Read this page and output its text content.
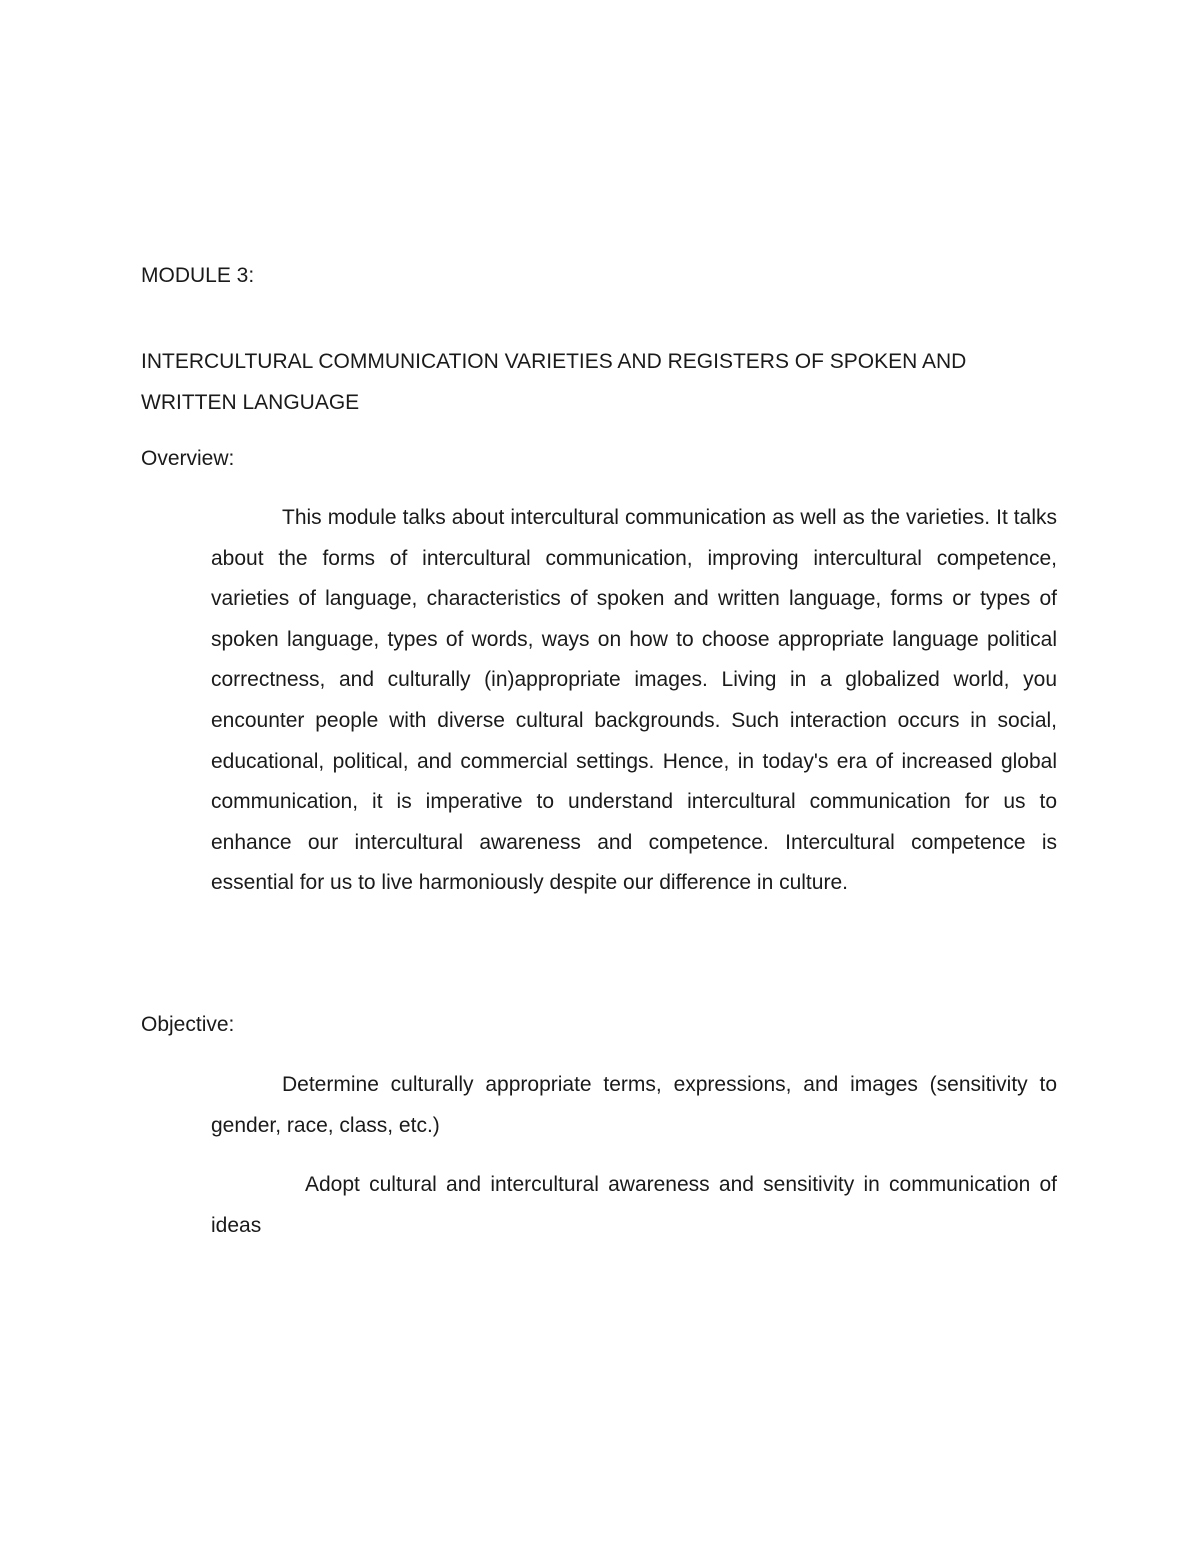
MODULE 3:

INTERCULTURAL COMMUNICATION VARIETIES AND REGISTERS OF SPOKEN AND WRITTEN LANGUAGE

Overview:

This module talks about intercultural communication as well as the varieties. It talks about the forms of intercultural communication, improving intercultural competence, varieties of language, characteristics of spoken and written language, forms or types of spoken language, types of words, ways on how to choose appropriate language political correctness, and culturally (in)appropriate images. Living in a globalized world, you encounter people with diverse cultural backgrounds. Such interaction occurs in social, educational, political, and commercial settings. Hence, in today's era of increased global communication, it is imperative to understand intercultural communication for us to enhance our intercultural awareness and competence. Intercultural competence is essential for us to live harmoniously despite our difference in culture.

Objective:

Determine culturally appropriate terms, expressions, and images (sensitivity to gender, race, class, etc.)

Adopt cultural and intercultural awareness and sensitivity in communication of ideas
